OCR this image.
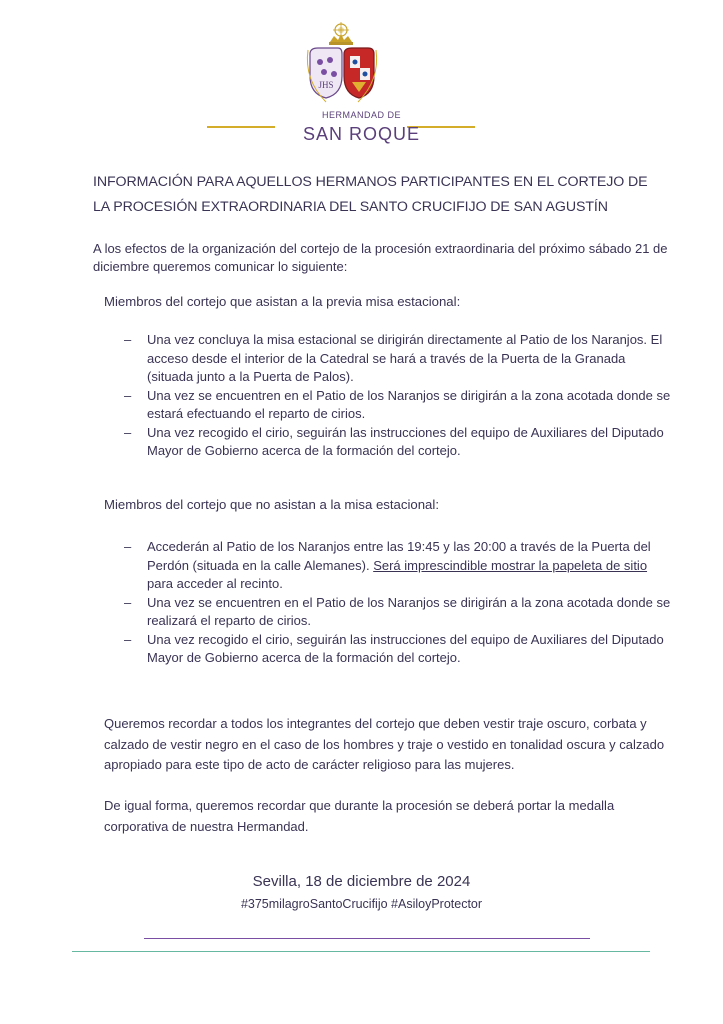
JHS
HERMANDAD DE
SAN ROQUE
INFORMACIÓN PARA AQUELLOS HERMANOS PARTICIPANTES EN EL CORTEJO DE
LA PROCESIÓN EXTRAORDINARIA DEL SANTO CRUCIFIJO DE SAN AGUSTÍN
A los efectos de la organización del cortejo de la procesión extraordinaria del próximo sábado 21 de diciembre queremos comunicar lo siguiente:
Miembros del cortejo que asistan a la previa misa estacional:
– Una vez concluya la misa estacional se dirigirán directamente al Patio de los Naranjos. El acceso desde el interior de la Catedral se hará a través de la Puerta de la Granada (situada junto a la Puerta de Palos).
– Una vez se encuentren en el Patio de los Naranjos se dirigirán a la zona acotada donde se estará efectuando el reparto de cirios.
– Una vez recogido el cirio, seguirán las instrucciones del equipo de Auxiliares del Diputado Mayor de Gobierno acerca de la formación del cortejo.
Miembros del cortejo que no asistan a la misa estacional:
– Accederán al Patio de los Naranjos entre las 19:45 y las 20:00 a través de la Puerta del Perdón (situada en la calle Alemanes). Será imprescindible mostrar la papeleta de sitio para acceder al recinto.
– Una vez se encuentren en el Patio de los Naranjos se dirigirán a la zona acotada donde se realizará el reparto de cirios.
– Una vez recogido el cirio, seguirán las instrucciones del equipo de Auxiliares del Diputado Mayor de Gobierno acerca de la formación del cortejo.
Queremos recordar a todos los integrantes del cortejo que deben vestir traje oscuro, corbata y calzado de vestir negro en el caso de los hombres y traje o vestido en tonalidad oscura y calzado apropiado para este tipo de acto de carácter religioso para las mujeres.
De igual forma, queremos recordar que durante la procesión se deberá portar la medalla corporativa de nuestra Hermandad.
Sevilla, 18 de diciembre de 2024
#375milagroSantoCrucifijo #AsiloyProtector
